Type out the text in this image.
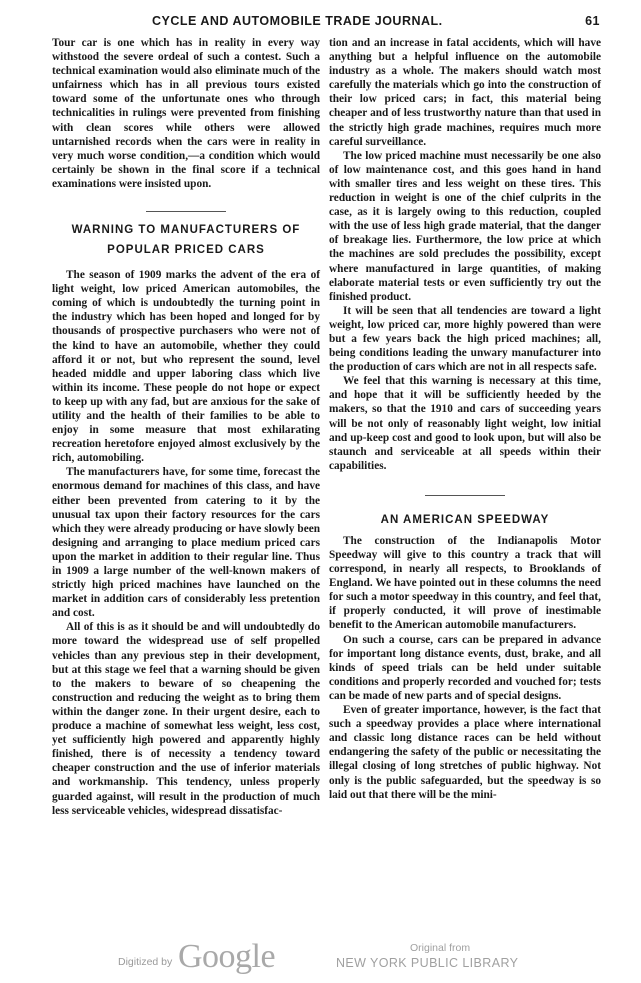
CYCLE AND AUTOMOBILE TRADE JOURNAL.	61

Tour car is one which has in reality in every way withstood the severe ordeal of such a contest. Such a technical examination would also eliminate much of the unfairness which has in all previous tours existed toward some of the unfortunate ones who through technicalities in rulings were prevented from finishing with clean scores while others were allowed untarnished records when the cars were in reality in very much worse condition,—a condition which would certainly be shown in the final score if a technical examinations were insisted upon.

WARNING TO MANUFACTURERS OF
POPULAR PRICED CARS

The season of 1909 marks the advent of the era of light weight, low priced American automobiles, the coming of which is undoubtedly the turning point in the industry which has been hoped and longed for by thousands of prospective purchasers who were not of the kind to have an automobile, whether they could afford it or not, but who represent the sound, level headed middle and upper laboring class which live within its income. These people do not hope or expect to keep up with any fad, but are anxious for the sake of utility and the health of their families to be able to enjoy in some measure that most exhilarating recreation heretofore enjoyed almost exclusively by the rich, automobiling.

The manufacturers have, for some time, forecast the enormous demand for machines of this class, and have either been prevented from catering to it by the unusual tax upon their factory resources for the cars which they were already producing or have slowly been designing and arranging to place medium priced cars upon the market in addition to their regular line. Thus in 1909 a large number of the well-known makers of strictly high priced machines have launched on the market in addition cars of considerably less pretention and cost.

All of this is as it should be and will undoubtedly do more toward the widespread use of self propelled vehicles than any previous step in their development, but at this stage we feel that a warning should be given to the makers to beware of so cheapening the construction and reducing the weight as to bring them within the danger zone. In their urgent desire, each to produce a machine of somewhat less weight, less cost, yet sufficiently high powered and apparently highly finished, there is of necessity a tendency toward cheaper construction and the use of inferior materials and workmanship. This tendency, unless properly guarded against, will result in the production of much less serviceable vehicles, widespread dissatisfac-

tion and an increase in fatal accidents, which will have anything but a helpful influence on the automobile industry as a whole. The makers should watch most carefully the materials which go into the construction of their low priced cars; in fact, this material being cheaper and of less trustworthy nature than that used in the strictly high grade machines, requires much more careful surveillance.

The low priced machine must necessarily be one also of low maintenance cost, and this goes hand in hand with smaller tires and less weight on these tires. This reduction in weight is one of the chief culprits in the case, as it is largely owing to this reduction, coupled with the use of less high grade material, that the danger of breakage lies. Furthermore, the low price at which the machines are sold precludes the possibility, except where manufactured in large quantities, of making elaborate material tests or even sufficiently try out the finished product.

It will be seen that all tendencies are toward a light weight, low priced car, more highly powered than were but a few years back the high priced machines; all, being conditions leading the unwary manufacturer into the production of cars which are not in all respects safe.

We feel that this warning is necessary at this time, and hope that it will be sufficiently heeded by the makers, so that the 1910 and cars of succeeding years will be not only of reasonably light weight, low initial and up-keep cost and good to look upon, but will also be staunch and serviceable at all speeds within their capabilities.

AN AMERICAN SPEEDWAY

The construction of the Indianapolis Motor Speedway will give to this country a track that will correspond, in nearly all respects, to Brooklands of England. We have pointed out in these columns the need for such a motor speedway in this country, and feel that, if properly conducted, it will prove of inestimable benefit to the American automobile manufacturers.

On such a course, cars can be prepared in advance for important long distance events, dust, brake, and all kinds of speed trials can be held under suitable conditions and properly recorded and vouched for; tests can be made of new parts and of special designs.

Even of greater importance, however, is the fact that such a speedway provides a place where international and classic long distance races can be held without endangering the safety of the public or necessitating the illegal closing of long stretches of public highway. Not only is the public safeguarded, but the speedway is so laid out that there will be the mini-

Digitized by Google	Original from
NEW YORK PUBLIC LIBRARY
